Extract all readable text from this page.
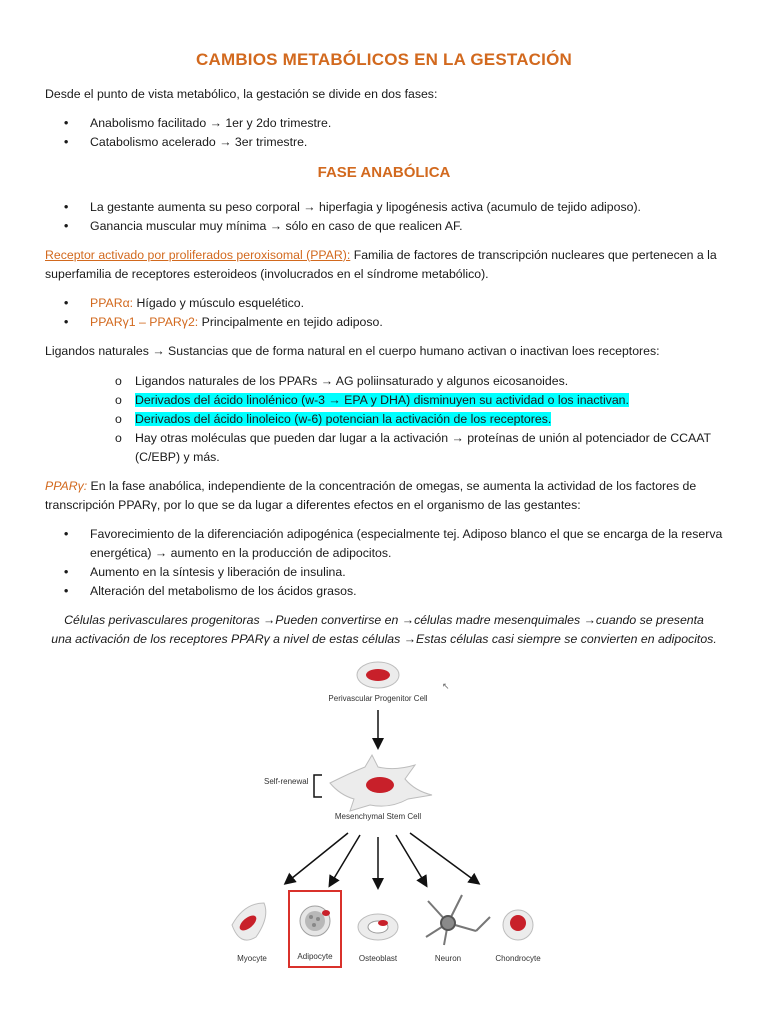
CAMBIOS METABÓLICOS EN LA GESTACIÓN
Desde el punto de vista metabólico, la gestación se divide en dos fases:
•	Anabolismo facilitado → 1er y 2do trimestre.
•	Catabolismo acelerado → 3er trimestre.
FASE ANABÓLICA
•	La gestante aumenta su peso corporal → hiperfagia y lipogénesis activa (acumulo de tejido adiposo).
•	Ganancia muscular muy mínima → sólo en caso de que realicen AF.
Receptor activado por proliferados peroxisomal (PPAR): Familia de factores de transcripción nucleares que pertenecen a la superfamilia de receptores esteroideos (involucrados en el síndrome metabólico).
•	PPARα: Hígado y músculo esquelético.
•	PPARγ1 – PPARγ2: Principalmente en tejido adiposo.
Ligandos naturales → Sustancias que de forma natural en el cuerpo humano activan o inactivan loes receptores:
o	Ligandos naturales de los PPARs → AG poliinsaturado y algunos eicosanoides.
o	Derivados del ácido linolénico (w-3 → EPA y DHA) disminuyen su actividad o los inactivan.
o	Derivados del ácido linoleico (w-6) potencian la activación de los receptores.
o	Hay otras moléculas que pueden dar lugar a la activación → proteínas de unión al potenciador de CCAAT (C/EBP) y más.
PPARγ: En la fase anabólica, independiente de la concentración de omegas, se aumenta la actividad de los factores de transcripción PPARγ, por lo que se da lugar a diferentes efectos en el organismo de las gestantes:
•	Favorecimiento de la diferenciación adipogénica (especialmente tej. Adiposo blanco el que se encarga de la reserva energética) → aumento en la producción de adipocitos.
•	Aumento en la síntesis y liberación de insulina.
•	Alteración del metabolismo de los ácidos grasos.
Células perivasculares progenitoras →Pueden convertirse en →células madre mesenquimales →cuando se presenta
una activación de los receptores PPARγ a nivel de estas células →Estas células casi siempre se convierten en adipocitos.
Perivascular Progenitor Cell
↖
Self-renewal
Mesenchymal Stem Cell
Myocyte	Adipocyte	Osteoblast	Neuron	Chondrocyte
